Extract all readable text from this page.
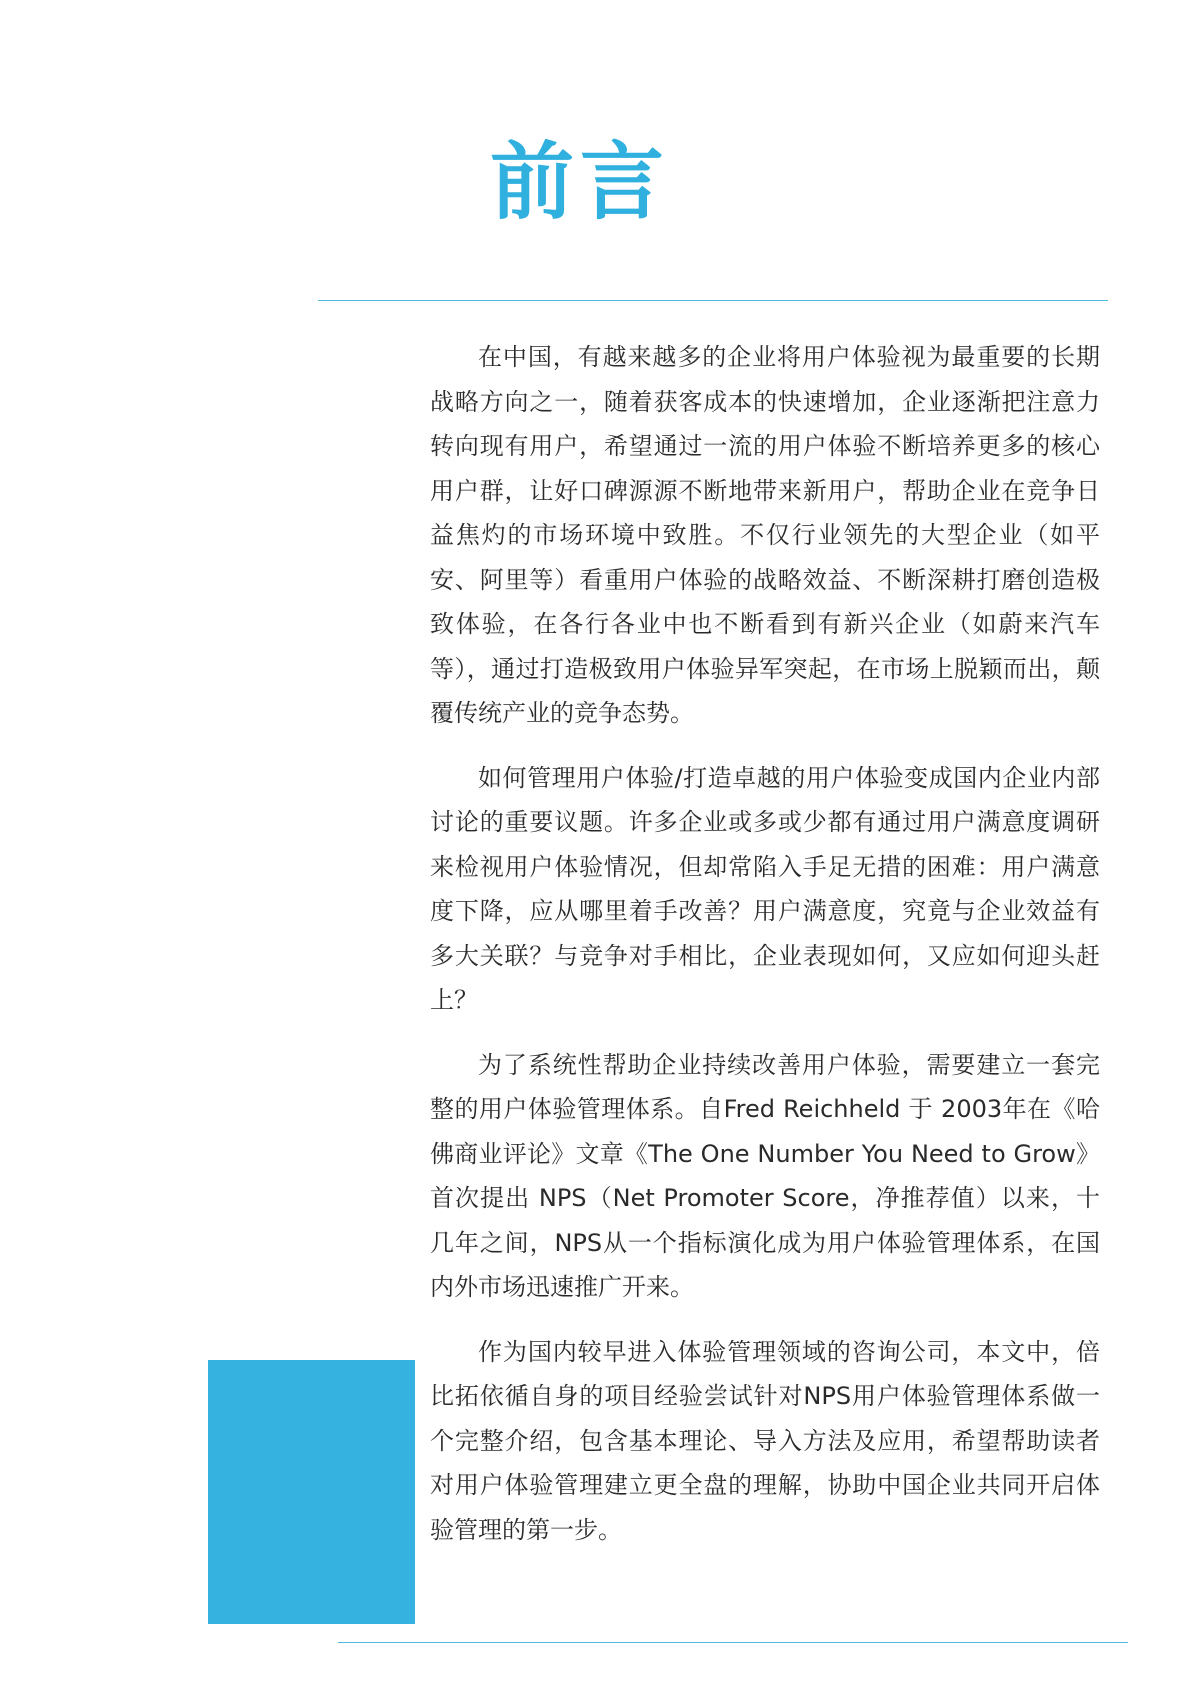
前言

在中国，有越来越多的企业将用户体验视为最重要的长期战略方向之一，随着获客成本的快速增加，企业逐渐把注意力转向现有用户，希望通过一流的用户体验不断培养更多的核心用户群，让好口碑源源不断地带来新用户，帮助企业在竞争日益焦灼的市场环境中致胜。不仅行业领先的大型企业（如平安、阿里等）看重用户体验的战略效益、不断深耕打磨创造极致体验，在各行各业中也不断看到有新兴企业（如蔚来汽车等），通过打造极致用户体验异军突起，在市场上脱颖而出，颠覆传统产业的竞争态势。

如何管理用户体验/打造卓越的用户体验变成国内企业内部讨论的重要议题。许多企业或多或少都有通过用户满意度调研来检视用户体验情况，但却常陷入手足无措的困难：用户满意度下降，应从哪里着手改善？用户满意度，究竟与企业效益有多大关联？与竞争对手相比，企业表现如何，又应如何迎头赶上？

为了系统性帮助企业持续改善用户体验，需要建立一套完整的用户体验管理体系。自Fred Reichheld 于 2003年在《哈佛商业评论》文章《The One Number You Need to Grow》首次提出 NPS（Net Promoter Score，净推荐值）以来，十几年之间，NPS从一个指标演化成为用户体验管理体系，在国内外市场迅速推广开来。

作为国内较早进入体验管理领域的咨询公司，本文中，倍比拓依循自身的项目经验尝试针对NPS用户体验管理体系做一个完整介绍，包含基本理论、导入方法及应用，希望帮助读者对用户体验管理建立更全盘的理解，协助中国企业共同开启体验管理的第一步。
